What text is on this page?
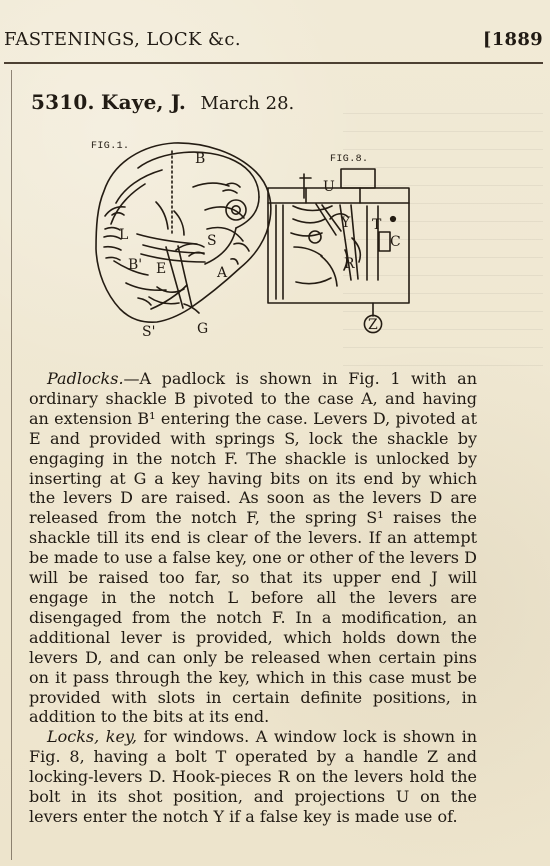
FASTENINGS, LOCK &c.	[1889
5310. Kaye, J. March 28.
FIG.1.
FIG.8.
B
S
L
B' E	A
S'	G
U
Y T
C
R
Z

Padlocks.—A padlock is shown in Fig. 1 with an ordinary shackle B pivoted to the case A, and having an extension B¹ entering the case. Levers D, pivoted at E and provided with springs S, lock the shackle by engaging in the notch F. The shackle is unlocked by inserting at G a key having bits on its end by which the levers D are raised. As soon as the levers D are released from the notch F, the spring S¹ raises the shackle till its end is clear of the levers. If an attempt be made to use a false key, one or other of the levers D will be raised too far, so that its upper end J will engage in the notch L before all the levers are disengaged from the notch F. In a modification, an additional lever is provided, which holds down the levers D, and can only be released when certain pins on it pass through the key, which in this case must be provided with slots in certain definite positions, in addition to the bits at its end.

Locks, key, for windows. A window lock is shown in Fig. 8, having a bolt T operated by a handle Z and locking-levers D. Hook-pieces R on the levers hold the bolt in its shot position, and projections U on the levers enter the notch Y if a false key is made use of.
